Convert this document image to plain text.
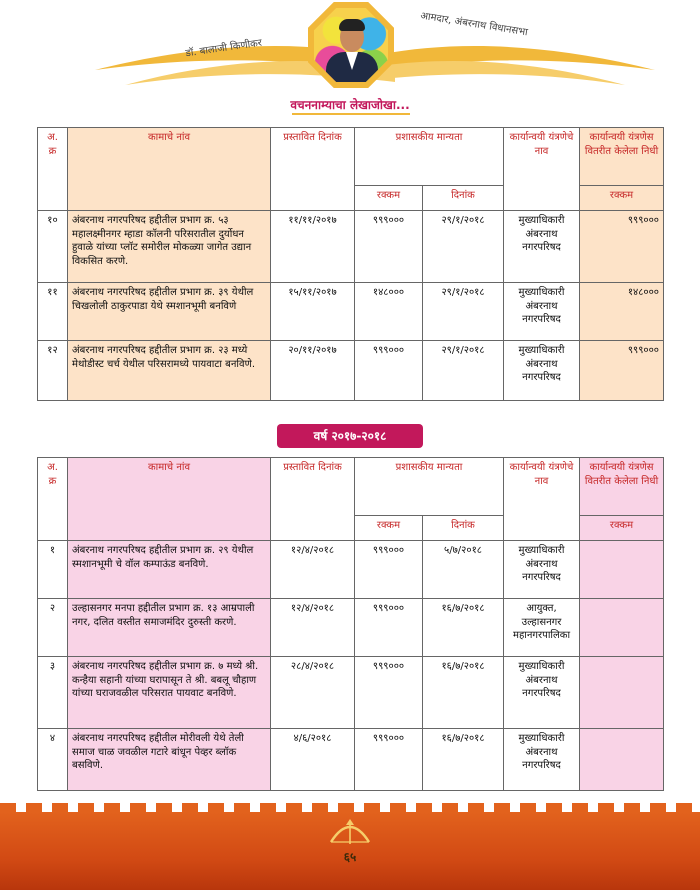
डॉ. बालाजी किणीकर
आमदार, अंबरनाथ विधानसभा
वचननाम्याचा लेखाजोखा...
अ. क्र	कामाचे नांव	प्रस्तावित दिनांक	प्रशासकीय मान्यता		कार्यान्वयी यंत्रणेचे नाव	कार्यान्वयी यंत्रणेस वितरीत केलेला निधी
			रक्कम	दिनांक		रक्कम
१०	अंबरनाथ नगरपरिषद हद्दीतील प्रभाग क्र. ५३ महालक्ष्मीनगर म्हाडा कॉलनी परिसरातील दुर्योधन हुवाळे यांच्या प्लॉट समोरील मोकळ्या जागेत उद्यान विकसित करणे.	११/११/२०१७	९९९०००	२९/१/२०१८	मुख्याधिकारी अंबरनाथ नगरपरिषद	९९९०००
११	अंबरनाथ नगरपरिषद हद्दीतील प्रभाग क्र. ३९ येथील चिखलोली ठाकुरपाडा येथे स्मशानभूमी बनविणे	१५/११/२०१७	१४८०००	२९/१/२०१८	मुख्याधिकारी अंबरनाथ नगरपरिषद	१४८०००
१२	अंबरनाथ नगरपरिषद हद्दीतील प्रभाग क्र. २३ मध्ये मेथोडीस्ट चर्च येथील परिसरामध्ये पायवाटा बनविणे.	२०/११/२०१७	९९९०००	२९/१/२०१८	मुख्याधिकारी अंबरनाथ नगरपरिषद	९९९०००
वर्ष २०१७-२०१८
अ. क्र	कामाचे नांव	प्रस्तावित दिनांक	प्रशासकीय मान्यता		कार्यान्वयी यंत्रणेचे नाव	कार्यान्वयी यंत्रणेस वितरीत केलेला निधी
			रक्कम	दिनांक		रक्कम
१	अंबरनाथ नगरपरिषद हद्दीतील प्रभाग क्र. २९ येथील स्मशानभूमी चे वॉल कम्पाऊंड बनविणे.	१२/४/२०१८	९९९०००	५/७/२०१८	मुख्याधिकारी अंबरनाथ नगरपरिषद	
२	उल्हासनगर मनपा हद्दीतील प्रभाग क्र. १३ आम्रपाली नगर, दलित वस्तीत समाजमंदिर दुरुस्ती करणे.	१२/४/२०१८	९९९०००	१६/७/२०१८	आयुक्त, उल्हासनगर महानगरपालिका	
३	अंबरनाथ नगरपरिषद हद्दीतील प्रभाग क्र. ७ मध्ये श्री. कन्हैया सहानी यांच्या घरापासून ते श्री. बबलू चौहाण यांच्या घराजवळील परिसरात पायवाट बनविणे.	२८/४/२०१८	९९९०००	१६/७/२०१८	मुख्याधिकारी अंबरनाथ नगरपरिषद	
४	अंबरनाथ नगरपरिषद हद्दीतील मोरीवली येथे तेली समाज चाळ जवळील गटारे बांधून पेव्हर ब्लॉक बसविणे.	४/६/२०१८	९९९०००	१६/७/२०१८	मुख्याधिकारी अंबरनाथ नगरपरिषद	
६५
